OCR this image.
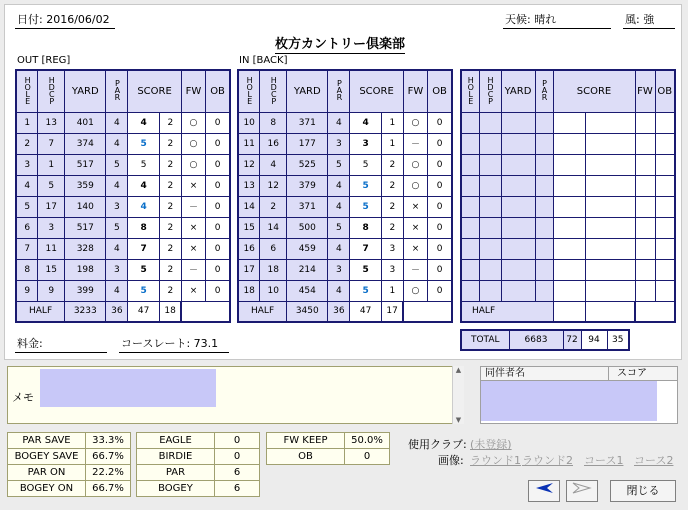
日付: 2016/06/02	天候: 晴れ	風: 強
枚方カントリー倶楽部
OUT [REG]	IN [BACK]
HOLE	HDCP	YARD	PAR	SCORE		FW	OB
1	13	401	4	4	2	○	0
2	7	374	4	5	2	○	0
3	1	517	5	5	2	○	0
4	5	359	4	4	2	×	0
5	17	140	3	4	2	－	0
6	3	517	5	8	2	×	0
7	11	328	4	7	2	×	0
8	15	198	3	5	2	－	0
9	9	399	4	5	2	×	0
HALF		3233	36	47	18		
HOLE	HDCP	YARD	PAR	SCORE		FW	OB
10	8	371	4	4	1	○	0
11	16	177	3	3	1	－	0
12	4	525	5	5	2	○	0
13	12	379	4	5	2	○	0
14	2	371	4	5	2	×	0
15	14	500	5	8	2	×	0
16	6	459	4	7	3	×	0
17	18	214	3	5	3	－	0
18	10	454	4	5	1	○	0
HALF		3450	36	47	17		
HOLE	HDCP	YARD	PAR	SCORE		FW	OB

HALF							
TOTAL	6683	72	94	35
料金:	コースレート: 73.1
メモ
▲
▼
同伴者名	スコア
PAR SAVE	33.3%
BOGEY SAVE	66.7%
PAR ON	22.2%
BOGEY ON	66.7%
EAGLE	0
BIRDIE	0
PAR	6
BOGEY	6
FW KEEP	50.0%
OB	0
使用クラブ: (未登録)
画像: ラウンド1 ラウンド2 コース1 コース2
閉じる
